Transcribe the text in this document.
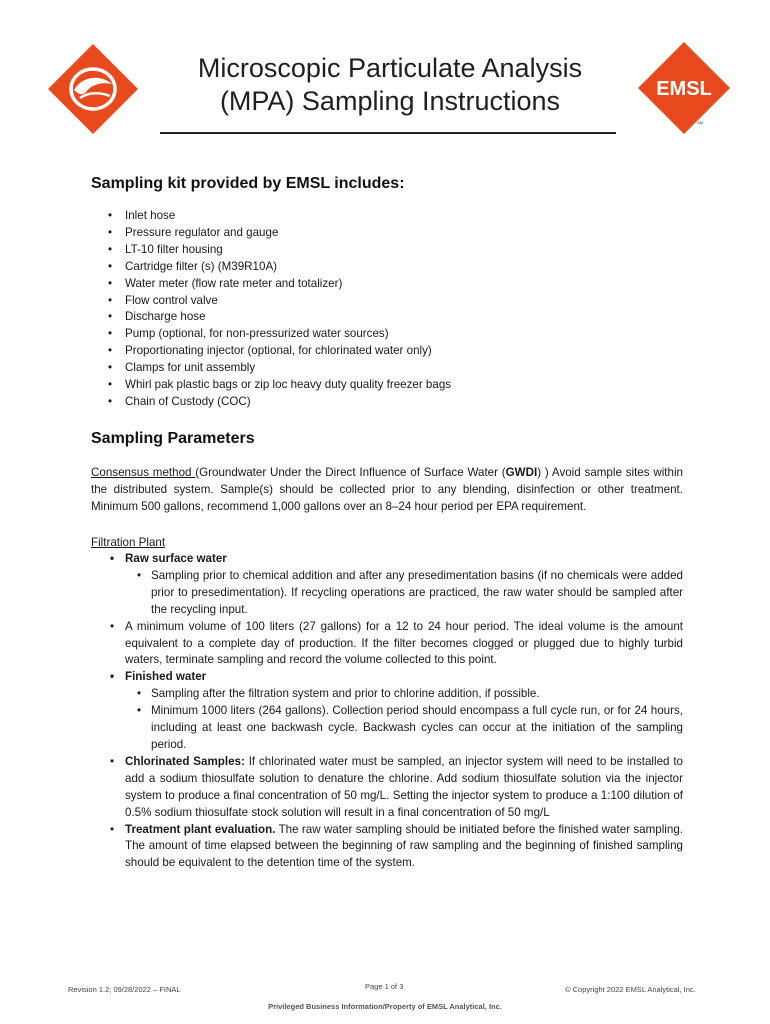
Microscopic Particulate Analysis
(MPA) Sampling Instructions	EMSL
SM
Sampling kit provided by EMSL includes:
• Inlet hose
• Pressure regulator and gauge
• LT-10 filter housing
• Cartridge filter (s) (M39R10A)
• Water meter (flow rate meter and totalizer)
• Flow control valve
• Discharge hose
• Pump (optional, for non-pressurized water sources)
• Proportionating injector (optional, for chlorinated water only)
• Clamps for unit assembly
• Whirl pak plastic bags or zip loc heavy duty quality freezer bags
• Chain of Custody (COC)
Sampling Parameters

Consensus method (Groundwater Under the Direct Influence of Surface Water (GWDI) ) Avoid sample sites within the distributed system. Sample(s) should be collected prior to any blending, disinfection or other treatment. Minimum 500 gallons, recommend 1,000 gallons over an 8–24 hour period per EPA requirement.

Filtration Plant

• Raw surface water
• Sampling prior to chemical addition and after any presedimentation basins (if no chemicals were added prior to presedimentation). If recycling operations are practiced, the raw water should be sampled after the recycling input.
• A minimum volume of 100 liters (27 gallons) for a 12 to 24 hour period. The ideal volume is the amount equivalent to a complete day of production. If the filter becomes clogged or plugged due to highly turbid waters, terminate sampling and record the volume collected to this point.
• Finished water
• Sampling after the filtration system and prior to chlorine addition, if possible.
• Minimum 1000 liters (264 gallons). Collection period should encompass a full cycle run, or for 24 hours, including at least one backwash cycle. Backwash cycles can occur at the initiation of the sampling period.
• Chlorinated Samples: If chlorinated water must be sampled, an injector system will need to be installed to add a sodium thiosulfate solution to denature the chlorine. Add sodium thiosulfate solution via the injector system to produce a final concentration of 50 mg/L. Setting the injector system to produce a 1:100 dilution of 0.5% sodium thiosulfate stock solution will result in a final concentration of 50 mg/L
• Treatment plant evaluation. The raw water sampling should be initiated before the finished water sampling. The amount of time elapsed between the beginning of raw sampling and the beginning of finished sampling should be equivalent to the detention time of the system.
Revision 1.2; 09/28/2022 – FINAL	Page 1 of 3	© Copyright 2022 EMSL Analytical, Inc.
Privileged Business Information/Property of EMSL Analytical, Inc.
